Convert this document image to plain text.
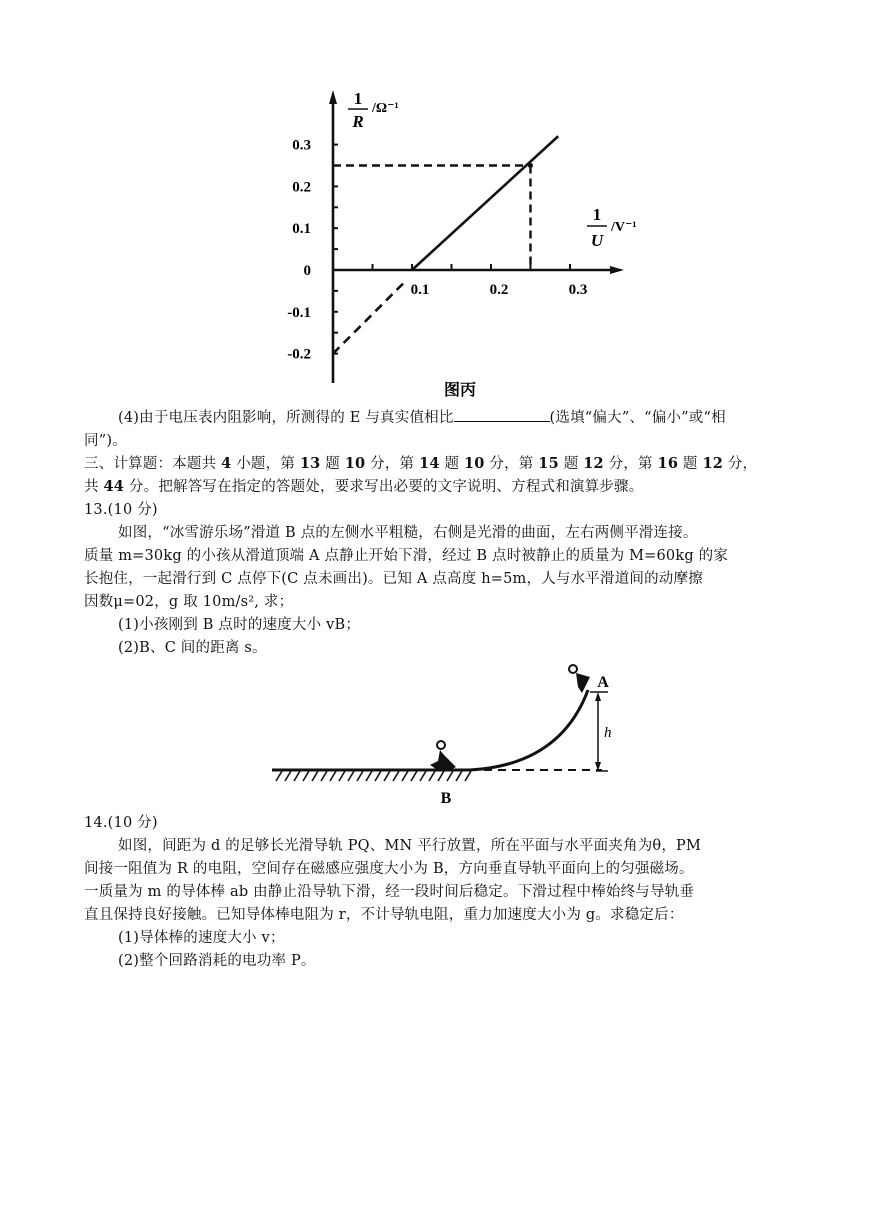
0.1	0.2	0.3
0.3
0.2
0.1
0
-0.1
-0.2
1
R
/Ω⁻¹
1
U
/V⁻¹
图丙
(4)由于电压表内阻影响，所测得的 E 与真实值相比	(选填“偏大”、“偏小”或“相
同”)。
三、计算题：本题共 4 小题，第 13 题 10 分，第 14 题 10 分，第 15 题 12 分，第 16 题 12 分，
共 44 分。把解答写在指定的答题处，要求写出必要的文字说明、方程式和演算步骤。
13.(10 分)
如图，“冰雪游乐场”滑道 B 点的左侧水平粗糙，右侧是光滑的曲面，左右两侧平滑连接。
质量 m=30kg 的小孩从滑道顶端 A 点静止开始下滑，经过 B 点时被静止的质量为 M=60kg 的家
长抱住，一起滑行到 C 点停下(C 点未画出)。已知 A 点高度 h=5m，人与水平滑道间的动摩擦
因数μ=02，g 取 10m/s², 求；
(1)小孩刚到 B 点时的速度大小 vB；
(2)B、C 间的距离 s。
A
h
B
14.(10 分)
如图，间距为 d 的足够长光滑导轨 PQ、MN 平行放置，所在平面与水平面夹角为θ，PM
间接一阻值为 R 的电阻，空间存在磁感应强度大小为 B，方向垂直导轨平面向上的匀强磁场。
一质量为 m 的导体棒 ab 由静止沿导轨下滑，经一段时间后稳定。下滑过程中棒始终与导轨垂
直且保持良好接触。已知导体棒电阻为 r，不计导轨电阻，重力加速度大小为 g。求稳定后：
(1)导体棒的速度大小 v；
(2)整个回路消耗的电功率 P。
